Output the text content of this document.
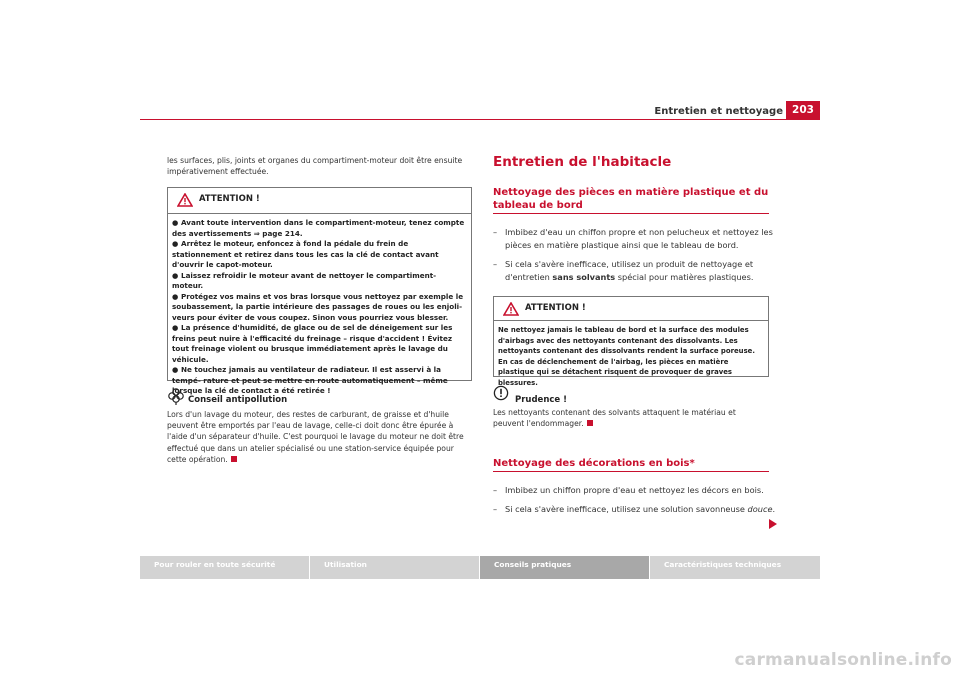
Entretien et nettoyage 203
les surfaces, plis, joints et organes du compartiment-moteur doit être ensuite impérativement effectuée.
ATTENTION !

● Avant toute intervention dans le compartiment-moteur, tenez compte des avertissements ⇒ page 214.

● Arrêtez le moteur, enfoncez à fond la pédale du frein de stationnement et retirez dans tous les cas la clé de contact avant d'ouvrir le capot-moteur.

● Laissez refroidir le moteur avant de nettoyer le compartiment-moteur.

● Protégez vos mains et vos bras lorsque vous nettoyez par exemple le soubassement, la partie intérieure des passages de roues ou les enjoli- veurs pour éviter de vous coupez. Sinon vous pourriez vous blesser.

● La présence d'humidité, de glace ou de sel de déneigement sur les freins peut nuire à l'efficacité du freinage – risque d'accident ! Évitez tout freinage violent ou brusque immédiatement après le lavage du véhicule.

● Ne touchez jamais au ventilateur de radiateur. Il est asservi à la tempé- rature et peut se mettre en route automatiquement – même lorsque la clé de contact a été retirée !

Conseil antipollution
Lors d'un lavage du moteur, des restes de carburant, de graisse et d'huile peuvent être emportés par l'eau de lavage, celle-ci doit donc être épurée à l'aide d'un séparateur d'huile. C'est pourquoi le lavage du moteur ne doit être effectué que dans un atelier spécialisé ou une station-service équipée pour cette opération.
Entretien de l'habitacle
Nettoyage des pièces en matière plastique et du tableau de bord
– Imbibez d'eau un chiffon propre et non pelucheux et nettoyez les pièces en matière plastique ainsi que le tableau de bord.
– Si cela s'avère inefficace, utilisez un produit de nettoyage et d'entretien sans solvants spécial pour matières plastiques.
ATTENTION !
Ne nettoyez jamais le tableau de bord et la surface des modules d'airbags avec des nettoyants contenant des dissolvants. Les nettoyants contenant des dissolvants rendent la surface poreuse. En cas de déclenchement de l'airbag, les pièces en matière plastique qui se détachent risquent de provoquer de graves blessures.
Prudence !
Les nettoyants contenant des solvants attaquent le matériau et peuvent l'endommager.
Nettoyage des décorations en bois*
– Imbibez un chiffon propre d'eau et nettoyez les décors en bois.
– Si cela s'avère inefficace, utilisez une solution savonneuse douce.
Pour rouler en toute sécurité	Utilisation	Conseils pratiques	Caractéristiques techniques
carmanualsonline.info
